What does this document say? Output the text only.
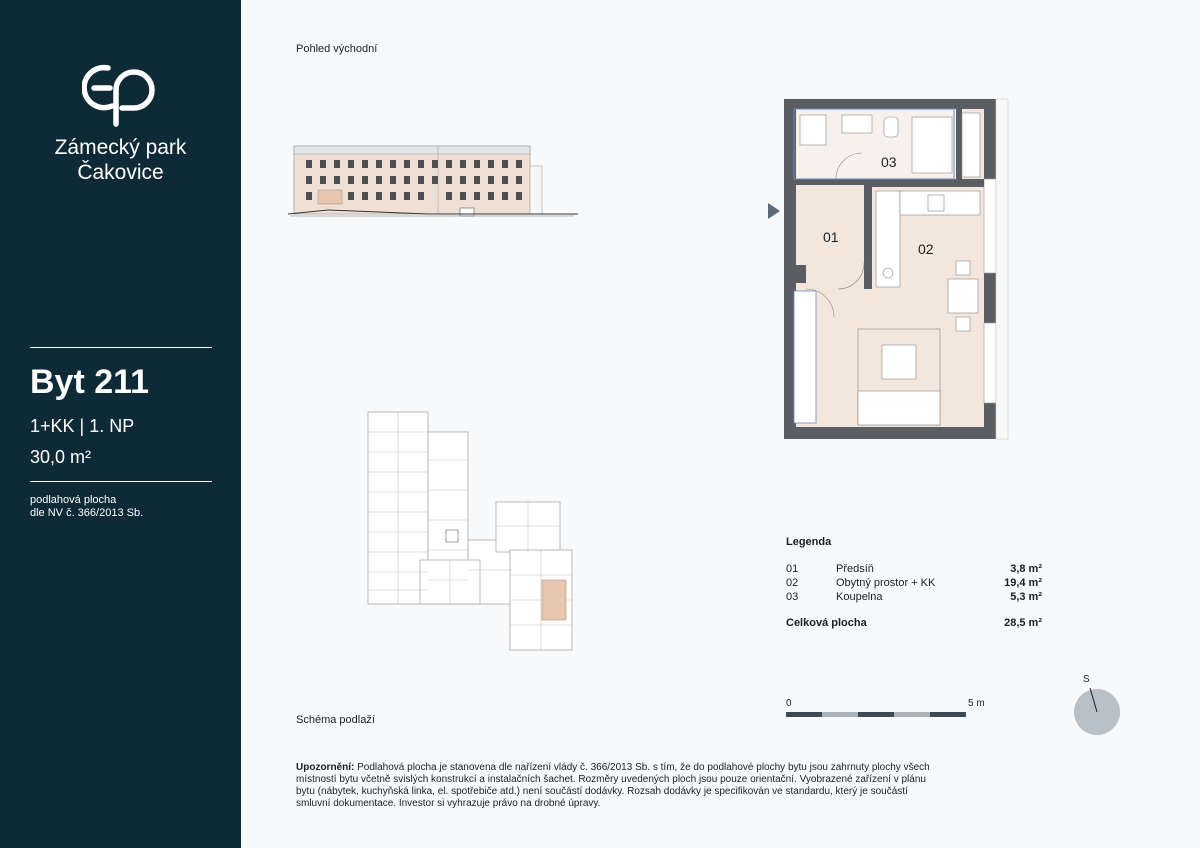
Zámecký park
Čakovice
Byt 211
1+KK | 1. NP
30,0 m²
podlahová plocha
dle NV č. 366/2013 Sb.
Pohled východní
Schéma podlaží
03
01
02
Legenda
01	Předsíň	3,8 m²
02	Obytný prostor + KK	19,4 m²
03	Koupelna	5,3 m²
Celková plocha	28,5 m²
0	5 m
S
Upozornění: Podlahová plocha je stanovena dle nařízení vlády č. 366/2013 Sb. s tím, že do podlahové plochy bytu jsou zahrnuty plochy všech místností bytu včetně svislých konstrukcí a instalačních šachet. Rozměry uvedených ploch jsou pouze orientační. Vyobrazené zařízení v plánu bytu (nábytek, kuchyňská linka, el. spotřebiče atd.) není součástí dodávky. Rozsah dodávky je specifikován ve standardu, který je součástí smluvní dokumentace. Investor si vyhrazuje právo na drobné úpravy.
